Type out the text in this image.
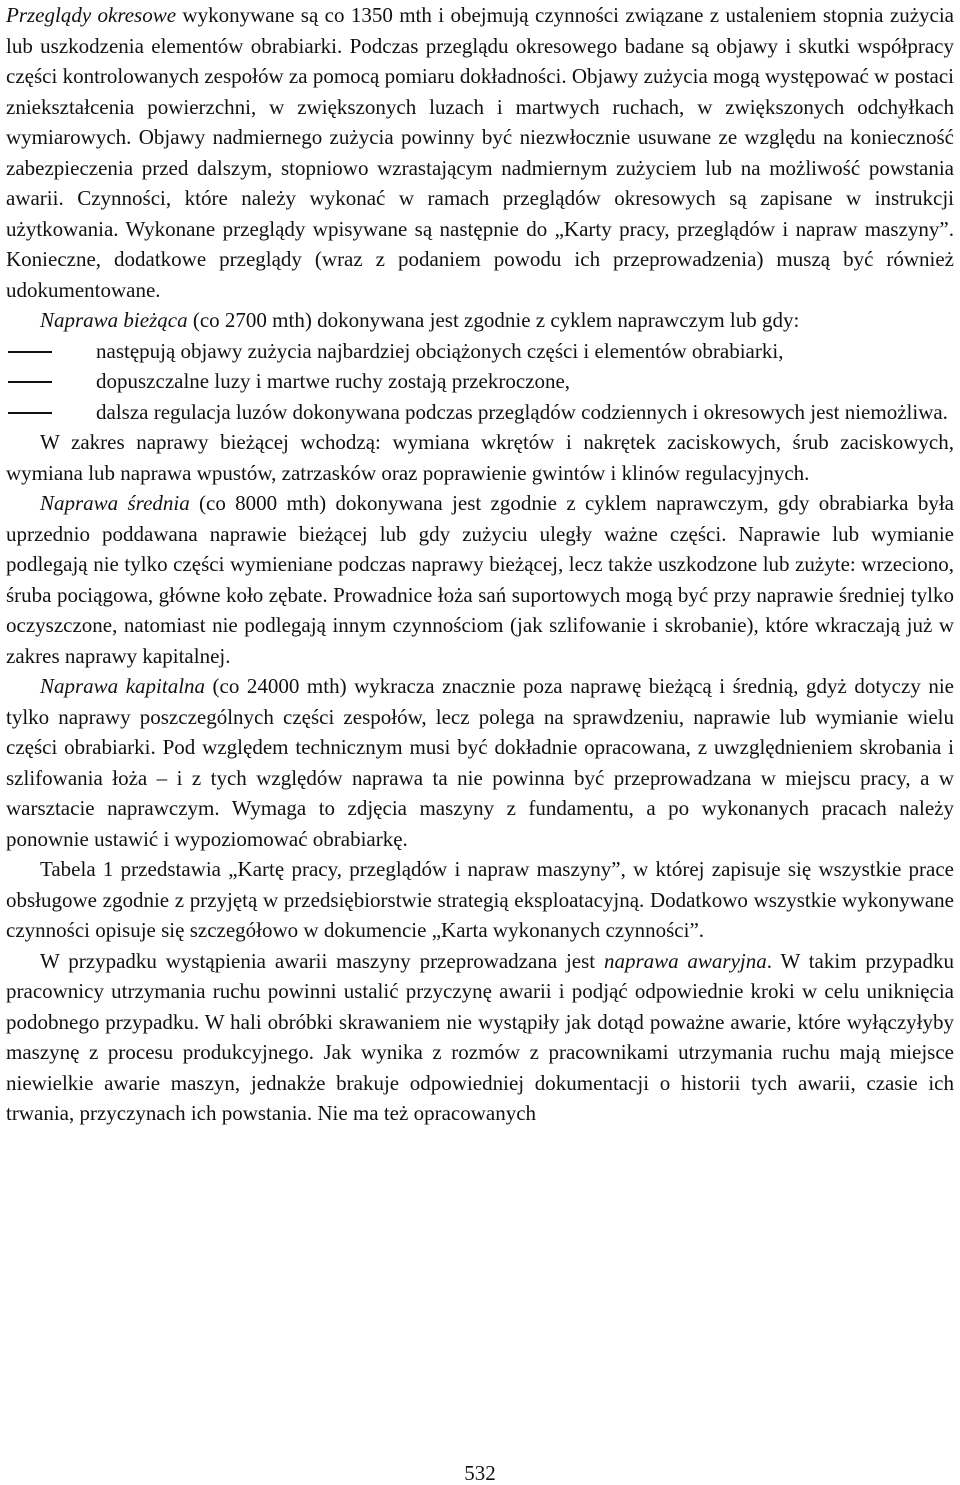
Przeglądy okresowe wykonywane są co 1350 mth i obejmują czynności związane z ustaleniem stopnia zużycia lub uszkodzenia elementów obrabiarki. Podczas przeglądu okresowego badane są objawy i skutki współpracy części kontrolowanych zespołów za pomocą pomiaru dokładności. Objawy zużycia mogą występować w postaci zniekształcenia powierzchni, w zwiększonych luzach i martwych ruchach, w zwiększonych odchyłkach wymiarowych. Objawy nadmiernego zużycia powinny być niezwłocznie usuwane ze względu na konieczność zabezpieczenia przed dalszym, stopniowo wzrastającym nadmiernym zużyciem lub na możliwość powstania awarii. Czynności, które należy wykonać w ramach przeglądów okresowych są zapisane w instrukcji użytkowania. Wykonane przeglądy wpisywane są następnie do „Karty pracy, przeglądów i napraw maszyny”. Konieczne, dodatkowe przeglądy (wraz z podaniem powodu ich przeprowadzenia) muszą być również udokumentowane.

Naprawa bieżąca (co 2700 mth) dokonywana jest zgodnie z cyklem naprawczym lub gdy:

następują objawy zużycia najbardziej obciążonych części i elementów obrabiarki,
dopuszczalne luzy i martwe ruchy zostają przekroczone,
dalsza regulacja luzów dokonywana podczas przeglądów codziennych i okresowych jest niemożliwa.

W zakres naprawy bieżącej wchodzą: wymiana wkrętów i nakrętek zaciskowych, śrub zaciskowych, wymiana lub naprawa wpustów, zatrzasków oraz poprawienie gwintów i klinów regulacyjnych.

Naprawa średnia (co 8000 mth) dokonywana jest zgodnie z cyklem naprawczym, gdy obrabiarka była uprzednio poddawana naprawie bieżącej lub gdy zużyciu uległy ważne części. Naprawie lub wymianie podlegają nie tylko części wymieniane podczas naprawy bieżącej, lecz także uszkodzone lub zużyte: wrzeciono, śruba pociągowa, główne koło zębate. Prowadnice łoża sań suportowych mogą być przy naprawie średniej tylko oczyszczone, natomiast nie podlegają innym czynnościom (jak szlifowanie i skrobanie), które wkraczają już w zakres naprawy kapitalnej.

Naprawa kapitalna (co 24000 mth) wykracza znacznie poza naprawę bieżącą i średnią, gdyż dotyczy nie tylko naprawy poszczególnych części zespołów, lecz polega na sprawdzeniu, naprawie lub wymianie wielu części obrabiarki. Pod względem technicznym musi być dokładnie opracowana, z uwzględnieniem skrobania i szlifowania łoża – i z tych względów naprawa ta nie powinna być przeprowadzana w miejscu pracy, a w warsztacie naprawczym. Wymaga to zdjęcia maszyny z fundamentu, a po wykonanych pracach należy ponownie ustawić i wypoziomować obrabiarkę.

Tabela 1 przedstawia „Kartę pracy, przeglądów i napraw maszyny”, w której zapisuje się wszystkie prace obsługowe zgodnie z przyjętą w przedsiębiorstwie strategią eksploatacyjną. Dodatkowo wszystkie wykonywane czynności opisuje się szczegółowo w dokumencie „Karta wykonanych czynności”.

W przypadku wystąpienia awarii maszyny przeprowadzana jest naprawa awaryjna. W takim przypadku pracownicy utrzymania ruchu powinni ustalić przyczynę awarii i podjąć odpowiednie kroki w celu uniknięcia podobnego przypadku. W hali obróbki skrawaniem nie wystąpiły jak dotąd poważne awarie, które wyłączyłyby maszynę z procesu produkcyjnego. Jak wynika z rozmów z pracownikami utrzymania ruchu mają miejsce niewielkie awarie maszyn, jednakże brakuje odpowiedniej dokumentacji o historii tych awarii, czasie ich trwania, przyczynach ich powstania. Nie ma też opracowanych

532
